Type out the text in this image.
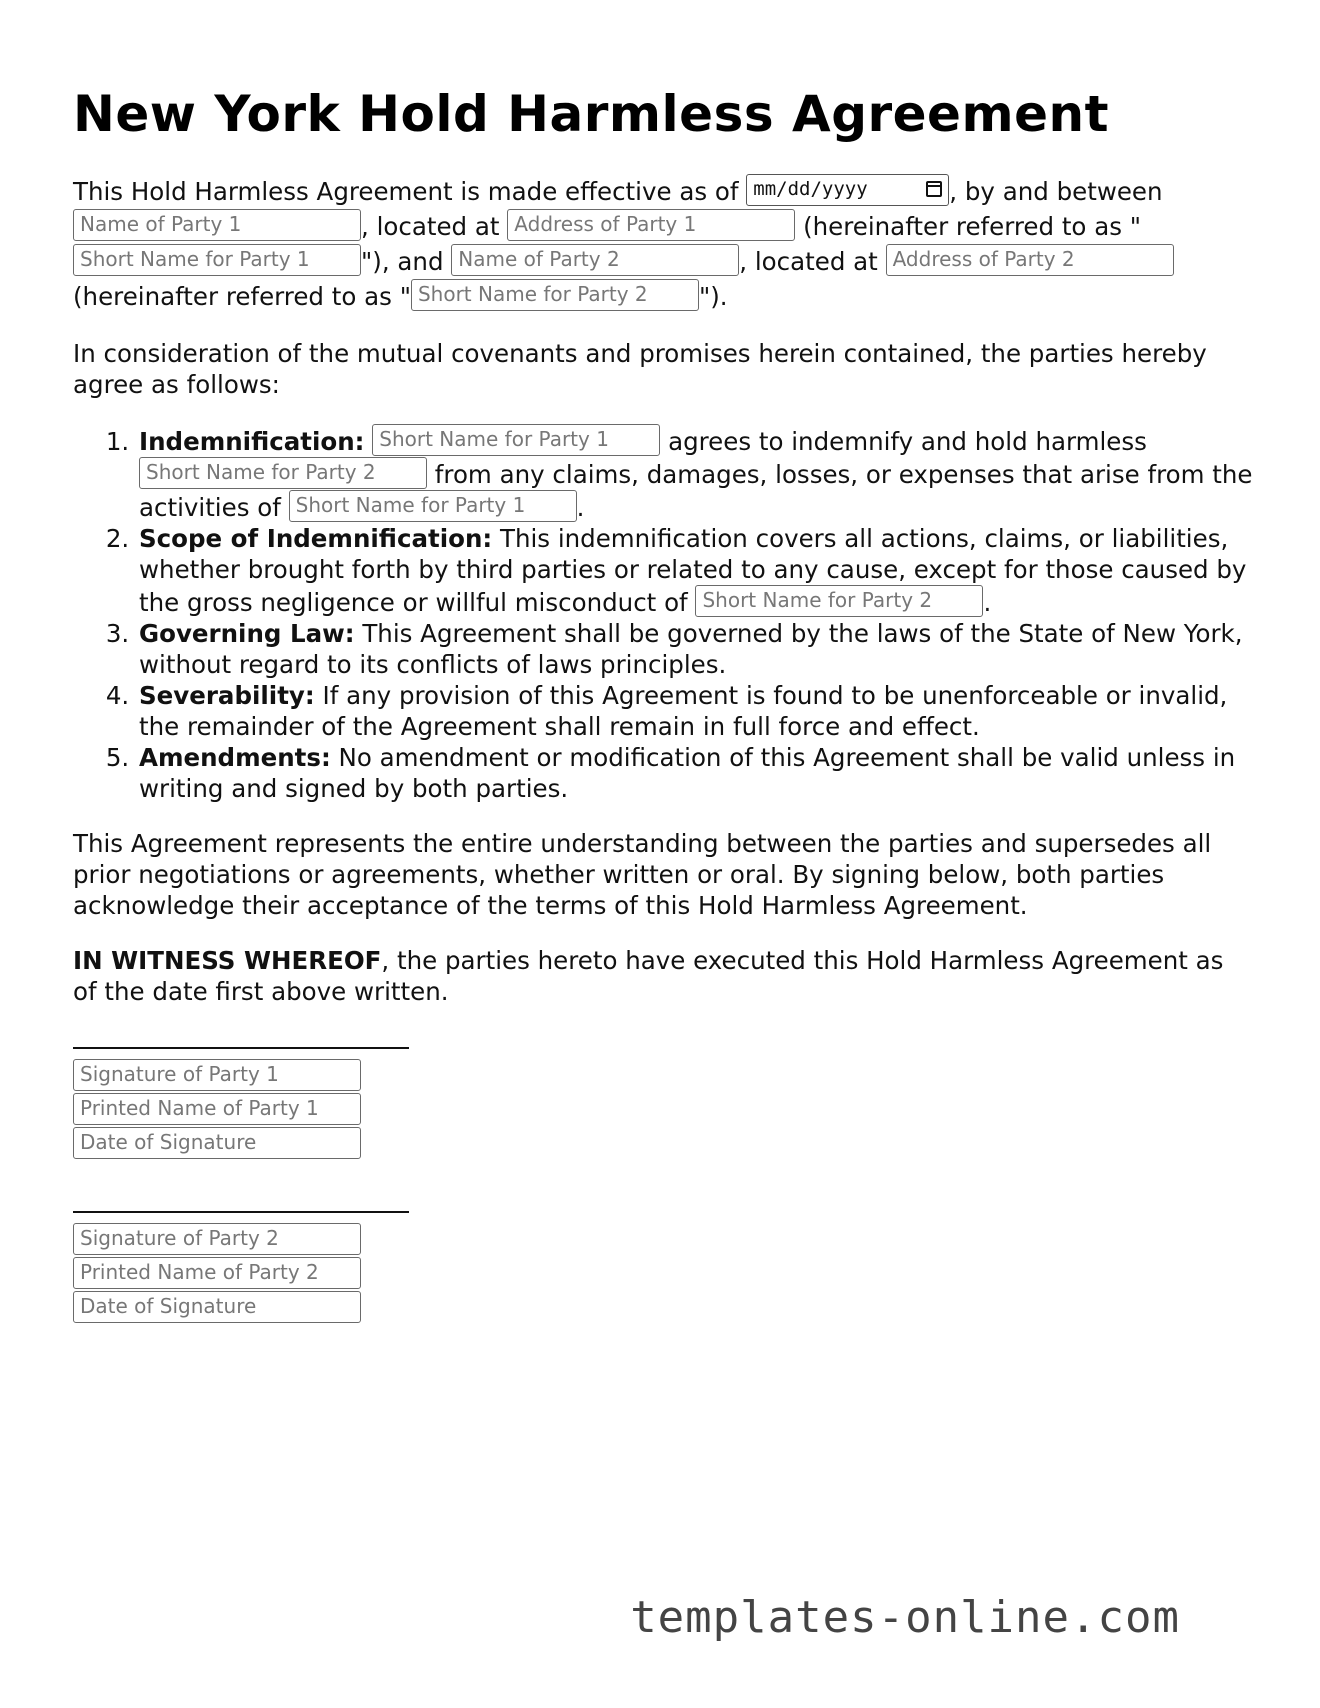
New York Hold Harmless Agreement

This Hold Harmless Agreement is made effective as of mm/dd/yyyy	, by and between Name of Party 1	, located at Address of Party 1	(hereinafter referred to as "Short Name for Party 1 "), and Name of Party 2	, located at Address of Party 2 (hereinafter referred to as " Short Name for Party 2 ").

In consideration of the mutual covenants and promises herein contained, the parties hereby agree as follows:

1. Indemnification: Short Name for Party 1 agrees to indemnify and hold harmless Short Name for Party 2 from any claims, damages, losses, or expenses that arise from the activities of Short Name for Party 1 .
2. Scope of Indemnification: This indemnification covers all actions, claims, or liabilities, whether brought forth by third parties or related to any cause, except for those caused by the gross negligence or willful misconduct of Short Name for Party 2 .
3. Governing Law: This Agreement shall be governed by the laws of the State of New York, without regard to its conflicts of laws principles.
4. Severability: If any provision of this Agreement is found to be unenforceable or invalid, the remainder of the Agreement shall remain in full force and effect.
5. Amendments: No amendment or modification of this Agreement shall be valid unless in writing and signed by both parties.

This Agreement represents the entire understanding between the parties and supersedes all prior negotiations or agreements, whether written or oral. By signing below, both parties acknowledge their acceptance of the terms of this Hold Harmless Agreement.

IN WITNESS WHEREOF, the parties hereto have executed this Hold Harmless Agreement as of the date first above written.

Signature of Party 1
Printed Name of Party 1
Date of Signature
Signature of Party 2
Printed Name of Party 2
Date of Signature
templates-online.com
